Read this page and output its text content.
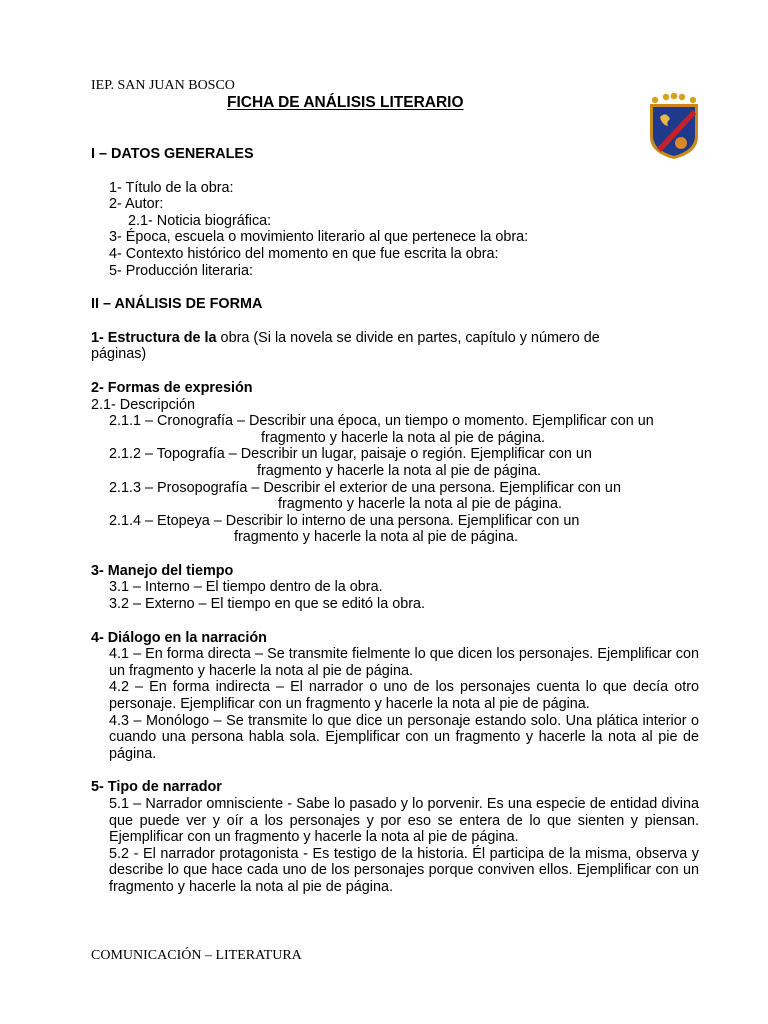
IEP. SAN JUAN BOSCO
FICHA DE ANÁLISIS LITERARIO
I – DATOS GENERALES
1- Título de la obra:
2- Autor:
2.1- Noticia biográfica:
3- Época, escuela o movimiento literario al que pertenece la obra:
4- Contexto histórico del momento en que fue escrita la obra:
5- Producción literaria:
II – ANÁLISIS DE FORMA
1- Estructura de la obra (Si la novela se divide en partes, capítulo y número de
páginas)
2- Formas de expresión
2.1- Descripción
2.1.1 – Cronografía – Describir una época, un tiempo o momento. Ejemplificar con un
fragmento y hacerle la nota al pie de página.
2.1.2 – Topografía – Describir un lugar, paisaje o región. Ejemplificar con un
fragmento y hacerle la nota al pie de página.
2.1.3 – Prosopografía – Describir el exterior de una persona. Ejemplificar con un
fragmento y hacerle la nota al pie de página.
2.1.4 – Etopeya – Describir lo interno de una persona. Ejemplificar con un
fragmento y hacerle la nota al pie de página.
3- Manejo del tiempo
3.1 – Interno – El tiempo dentro de la obra.
3.2 – Externo – El tiempo en que se editó la obra.
4- Diálogo en la narración
4.1 – En forma directa – Se transmite fielmente lo que dicen los personajes. Ejemplificar con un fragmento y hacerle la nota al pie de página.
4.2 – En forma indirecta – El narrador o uno de los personajes cuenta lo que decía otro personaje. Ejemplificar con un fragmento y hacerle la nota al pie de página.
4.3 – Monólogo – Se transmite lo que dice un personaje estando solo. Una plática interior o cuando una persona habla sola. Ejemplificar con un fragmento y hacerle la nota al pie de página.
5- Tipo de narrador
5.1 – Narrador omnisciente - Sabe lo pasado y lo porvenir. Es una especie de entidad divina que puede ver y oír a los personajes y por eso se entera de lo que sienten y piensan. Ejemplificar con un fragmento y hacerle la nota al pie de página.
5.2 - El narrador protagonista - Es testigo de la historia. Él participa de la misma, observa y describe lo que hace cada uno de los personajes porque conviven ellos. Ejemplificar con un fragmento y hacerle la nota al pie de página.
COMUNICACIÓN – LITERATURA
